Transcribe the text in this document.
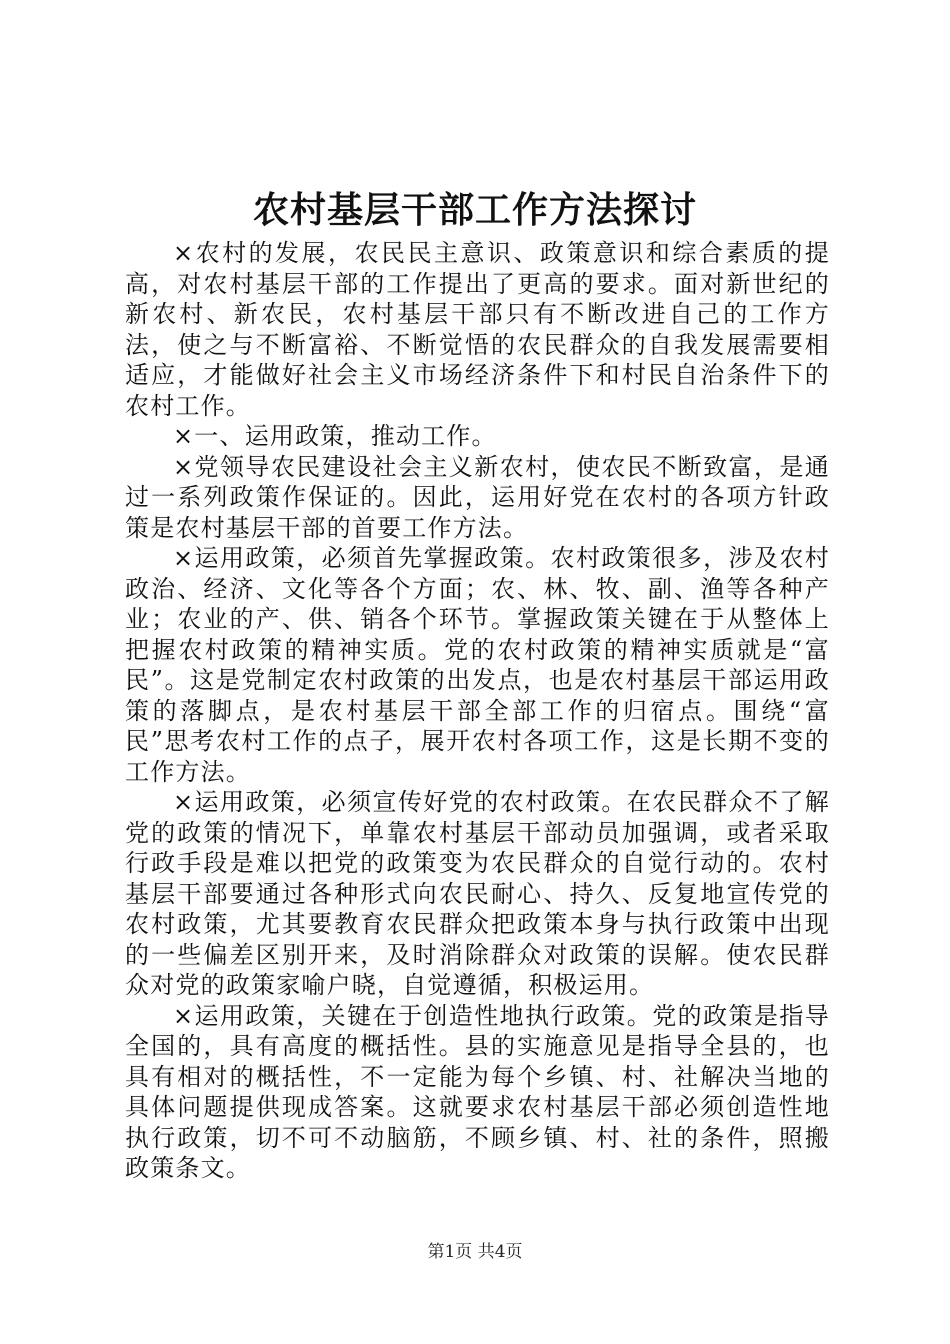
农村基层干部工作方法探讨

×农村的发展，农民民主意识、政策意识和综合素质的提高，对农村基层干部的工作提出了更高的要求。面对新世纪的新农村、新农民，农村基层干部只有不断改进自己的工作方法，使之与不断富裕、不断觉悟的农民群众的自我发展需要相适应，才能做好社会主义市场经济条件下和村民自治条件下的农村工作。

×一、运用政策，推动工作。

×党领导农民建设社会主义新农村，使农民不断致富，是通过一系列政策作保证的。因此，运用好党在农村的各项方针政策是农村基层干部的首要工作方法。

×运用政策，必须首先掌握政策。农村政策很多，涉及农村政治、经济、文化等各个方面；农、林、牧、副、渔等各种产业；农业的产、供、销各个环节。掌握政策关键在于从整体上把握农村政策的精神实质。党的农村政策的精神实质就是“富民”。这是党制定农村政策的出发点，也是农村基层干部运用政策的落脚点，是农村基层干部全部工作的归宿点。围绕“富民”思考农村工作的点子，展开农村各项工作，这是长期不变的工作方法。

×运用政策，必须宣传好党的农村政策。在农民群众不了解党的政策的情况下，单靠农村基层干部动员加强调，或者采取行政手段是难以把党的政策变为农民群众的自觉行动的。农村基层干部要通过各种形式向农民耐心、持久、反复地宣传党的农村政策，尤其要教育农民群众把政策本身与执行政策中出现的一些偏差区别开来，及时消除群众对政策的误解。使农民群众对党的政策家喻户晓，自觉遵循，积极运用。

×运用政策，关键在于创造性地执行政策。党的政策是指导全国的，具有高度的概括性。县的实施意见是指导全县的，也具有相对的概括性，不一定能为每个乡镇、村、社解决当地的具体问题提供现成答案。这就要求农村基层干部必须创造性地执行政策，切不可不动脑筋，不顾乡镇、村、社的条件，照搬政策条文。

第1页 共4页
